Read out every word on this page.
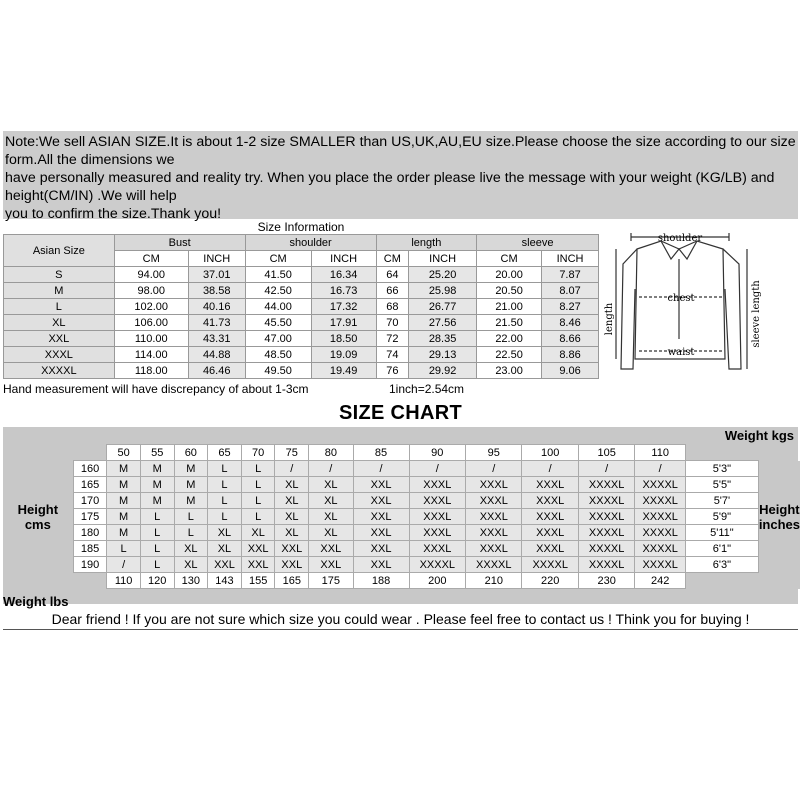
Note:We sell ASIAN SIZE.It is about 1-2 size SMALLER than US,UK,AU,EU size.Please choose the size according to our size

form.All the dimensions we

have personally measured and reality try. When you place the order please live the message with your weight (KG/LB) and

height(CM/IN) .We will help

you to confirm the size.Thank you!

Size Information								
Asian Size	Bust		shoulder		length		sleeve	
	CM	INCH	CM	INCH	CM	INCH	CM	INCH
S	94.00	37.01	41.50	16.34	64	25.20	20.00	7.87
M	98.00	38.58	42.50	16.73	66	25.98	20.50	8.07
L	102.00	40.16	44.00	17.32	68	26.77	21.00	8.27
XL	106.00	41.73	45.50	17.91	70	27.56	21.50	8.46
XXL	110.00	43.31	47.00	18.50	72	28.35	22.00	8.66
XXXL	114.00	44.88	48.50	19.09	74	29.13	22.50	8.86
XXXXL	118.00	46.46	49.50	19.49	76	29.92	23.00	9.06
Hand measurement will have discrepancy of about 1-3cm	1inch=2.54cm
shoulder
chest
waist
length	sleeve length
SIZE CHART
Weight kgs
		50	55	60	65	70	75	80	85	90	95	100	105	110		
Height
cms	160	M	M	M	L	L	/	/	/	/	/	/	/	/	5'3"	Height
inches
	165	M	M	M	L	L	XL	XL	XXL	XXXL	XXXL	XXXL	XXXXL	XXXXL	5'5"	
	170	M	M	M	L	L	XL	XL	XXL	XXXL	XXXL	XXXL	XXXXL	XXXXL	5'7'	
	175	M	L	L	L	L	XL	XL	XXL	XXXL	XXXL	XXXL	XXXXL	XXXXL	5'9"	
	180	M	L	L	XL	XL	XL	XL	XXL	XXXL	XXXL	XXXL	XXXXL	XXXXL	5'11"	
	185	L	L	XL	XL	XXL	XXL	XXL	XXL	XXXL	XXXL	XXXL	XXXXL	XXXXL	6'1"	
	190	/	L	XL	XXL	XXL	XXL	XXL	XXL	XXXXL	XXXXL	XXXXL	XXXXL	XXXXL	6'3"	
		110	120	130	143	155	165	175	188	200	210	220	230	242		
Weight lbs
Dear friend ! If you are not sure which size you could wear . Please feel free to contact us ! Think you for buying !
